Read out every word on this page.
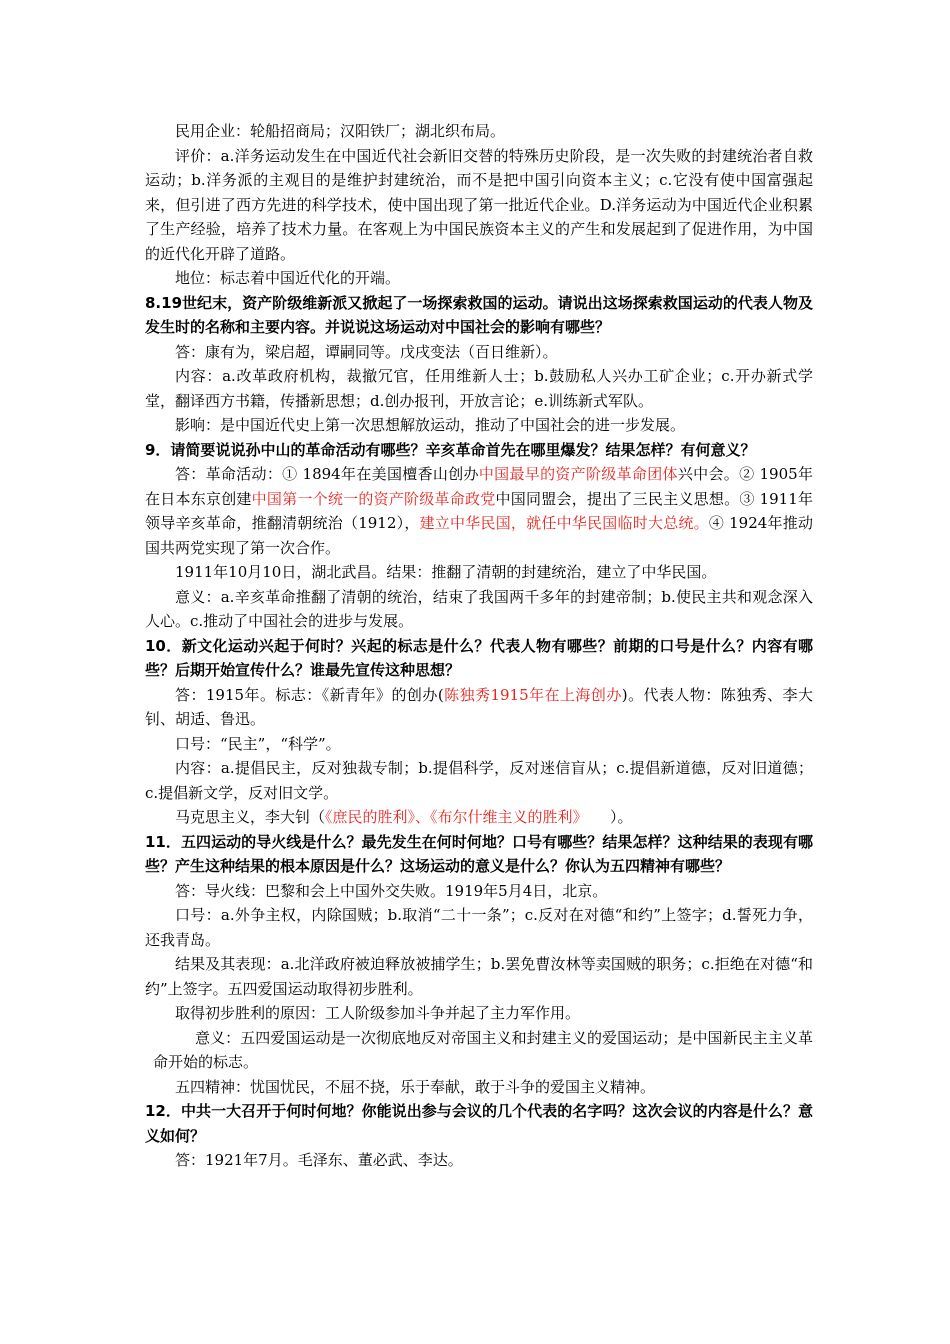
民用企业：轮船招商局；汉阳铁厂；湖北织布局。

评价：a.洋务运动发生在中国近代社会新旧交替的特殊历史阶段，是一次失败的封建统治者自救运动；b.洋务派的主观目的是维护封建统治，而不是把中国引向资本主义；c.它没有使中国富强起来，但引进了西方先进的科学技术，使中国出现了第一批近代企业。D.洋务运动为中国近代企业积累了生产经验，培养了技术力量。在客观上为中国民族资本主义的产生和发展起到了促进作用，为中国的近代化开辟了道路。

地位：标志着中国近代化的开端。

8.19世纪末，资产阶级维新派又掀起了一场探索救国的运动。请说出这场探索救国运动的代表人物及发生时的名称和主要内容。并说说这场运动对中国社会的影响有哪些？

答：康有为，梁启超，谭嗣同等。戊戌变法（百日维新）。

内容：a.改革政府机构，裁撤冗官，任用维新人士；b.鼓励私人兴办工矿企业；c.开办新式学堂，翻译西方书籍，传播新思想；d.创办报刊，开放言论；e.训练新式军队。

影响：是中国近代史上第一次思想解放运动，推动了中国社会的进一步发展。

9．请简要说说孙中山的革命活动有哪些？辛亥革命首先在哪里爆发？结果怎样？有何意义？

答：革命活动：① 1894年在美国檀香山创办中国最早的资产阶级革命团体兴中会。② 1905年在日本东京创建中国第一个统一的资产阶级革命政党中国同盟会，提出了三民主义思想。③ 1911年领导辛亥革命，推翻清朝统治（1912），建立中华民国，就任中华民国临时大总统。④ 1924年推动国共两党实现了第一次合作。

1911年10月10日，湖北武昌。结果：推翻了清朝的封建统治，建立了中华民国。

意义：a.辛亥革命推翻了清朝的统治，结束了我国两千多年的封建帝制；b.使民主共和观念深入人心。c.推动了中国社会的进步与发展。

10．新文化运动兴起于何时？兴起的标志是什么？代表人物有哪些？前期的口号是什么？内容有哪些？后期开始宣传什么？谁最先宣传这种思想？

答：1915年。标志：《新青年》的创办(陈独秀1915年在上海创办)。代表人物：陈独秀、李大钊、胡适、鲁迅。

口号：“民主”，“科学”。

内容：a.提倡民主，反对独裁专制；b.提倡科学，反对迷信盲从；c.提倡新道德，反对旧道德；c.提倡新文学，反对旧文学。

马克思主义，李大钊（《庶民的胜利》、《布尔什维主义的胜利》　　）。

11．五四运动的导火线是什么？最先发生在何时何地？口号有哪些？结果怎样？这种结果的表现有哪些？产生这种结果的根本原因是什么？这场运动的意义是什么？你认为五四精神有哪些？

答：导火线：巴黎和会上中国外交失败。1919年5月4日，北京。

口号：a.外争主权，内除国贼；b.取消“二十一条”；c.反对在对德“和约”上签字；d.誓死力争，还我青岛。

结果及其表现：a.北洋政府被迫释放被捕学生；b.罢免曹汝林等卖国贼的职务；c.拒绝在对德“和约”上签字。五四爱国运动取得初步胜利。

取得初步胜利的原因：工人阶级参加斗争并起了主力军作用。

意义：五四爱国运动是一次彻底地反对帝国主义和封建主义的爱国运动；是中国新民主主义革命开始的标志。

五四精神：忧国忧民，不屈不挠，乐于奉献，敢于斗争的爱国主义精神。

12．中共一大召开于何时何地？你能说出参与会议的几个代表的名字吗？这次会议的内容是什么？意义如何？

答：1921年7月。毛泽东、董必武、李达。
